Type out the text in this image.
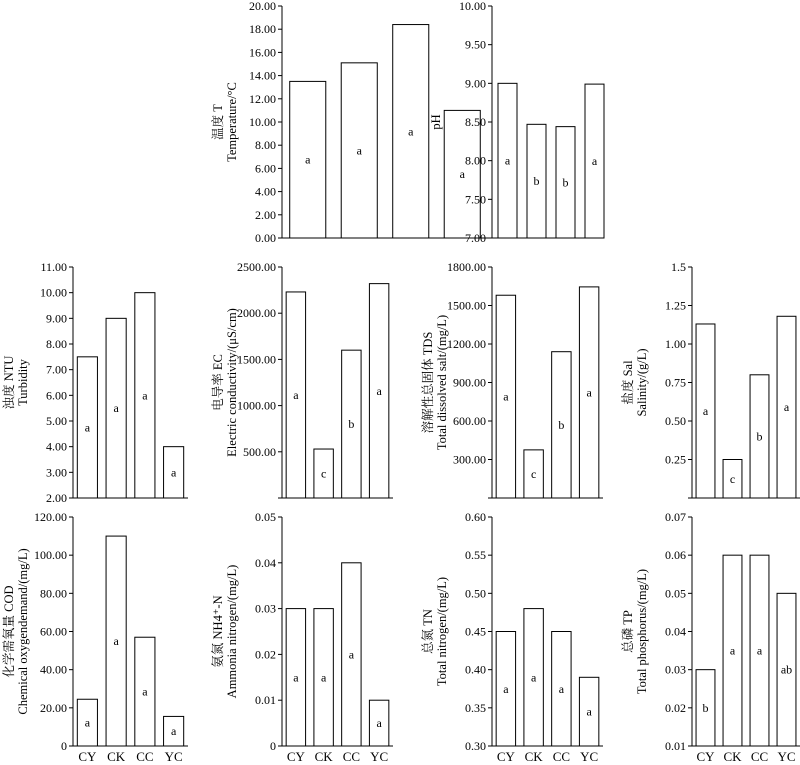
0.00
2.00
4.00
6.00
8.00
10.00
12.00
14.00
16.00
18.00
20.00
a
a
a
a
温度 T Temperature/°C
7.00
7.50
8.00
8.50
9.00
9.50
10.00
a
b b
a
pH
2.00
3.00
4.00
5.00
6.00
7.00
8.00
9.00
10.00
11.00
a
a
a
a
浊度 NTU Turbidity
500.00
1000.00
1500.00
2000.00
2500.00
a
c
b
a
电导率 EC Electric conductivity/(μS/cm)
300.00
600.00
900.00
1200.00
1500.00
1800.00
a
c
b
a
溶解性总固体 TDS Total dissolved salt/(mg/L)
0.25
0.50
0.75
1.00
1.25
1.5
a
c
b
a
盐度 Sal Salinity/(g/L)
0
20.00
40.00
60.00
80.00
100.00
120.00
a
CY
a
CK
a
CC
a
YC
化学需氧量 COD Chemical oxygendemand/(mg/L)
0
0.01
0.02
0.03
0.04
0.05
a
CY
a
CK
a
CC
a
YC
氨氮 NH4⁺-N Ammonia nitrogen/(mg/L)
0.30
0.35
0.40
0.45
0.50
0.55
0.60
a
CY
a
CK
a
CC
a
YC
总氮 TN Total nitrogen/(mg/L)
0.01
0.02
0.03
0.04
0.05
0.06
0.07
b
CY
a
CK
a
CC
ab
YC
总磷 TP Total phosphorus/(mg/L)
